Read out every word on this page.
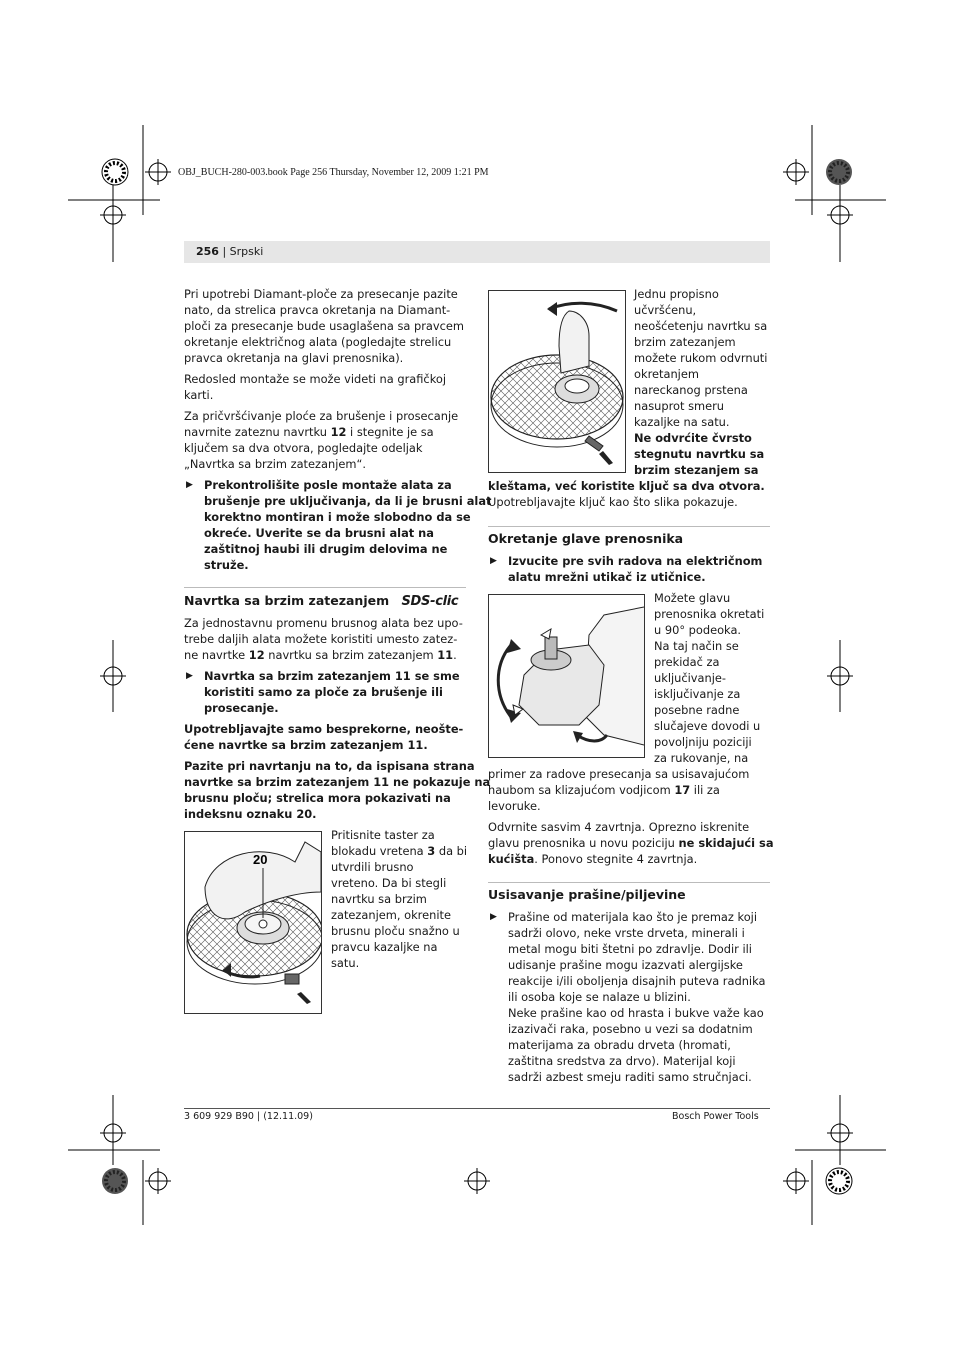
OBJ_BUCH-280-003.book Page 256 Thursday, November 12, 2009 1:21 PM
256 | Srpski
Pri upotrebi Diamant-ploče za presecanje pazite
nato, da strelica pravca okretanja na Diamant-
ploči za presecanje bude usaglašena sa pravcem
okretanje električnog alata (pogledajte strelicu
pravca okretanja na glavi prenosnika).
Redosled montaže se može videti na grafičkoj
karti.
Za pričvršćivanje ploće za brušenje i prosecanje
navrnite zateznu navrtku 12 i stegnite je sa
ključem sa dva otvora, pogledajte odeljak
„Navrtka sa brzim zatezanjem“.
▶ Prekontrolišite posle montaže alata za
brušenje pre uključivanja, da li je brusni alat
korektno montiran i može slobodno da se
okreće. Uverite se da brusni alat na
zaštitnoj haubi ili drugim delovima ne
struže.
Navrtka sa brzim zatezanjem SDS-clic
Za jednostavnu promenu brusnog alata bez upo-
trebe daljih alata možete koristiti umesto zatez-
ne navrtke 12 navrtku sa brzim zatezanjem 11.
▶ Navrtka sa brzim zatezanjem 11 se sme
koristiti samo za ploče za brušenje ili
prosecanje.
Upotrebljavajte samo besprekorne, neošte-
ćene navrtke sa brzim zatezanjem 11.
Pazite pri navrtanju na to, da ispisana strana
navrtke sa brzim zatezanjem 11 ne pokazuje na
brusnu ploču; strelica mora pokazivati na
indeksnu oznaku 20.
20
Pritisnite taster za
blokadu vretena 3 da bi
utvrdili brusno
vreteno. Da bi stegli
navrtku sa brzim
zatezanjem, okrenite
brusnu ploču snažno u
pravcu kazaljke na
satu.
Jednu propisno
učvršćenu,
neošćetenju navrtku sa
brzim zatezanjem
možete rukom odvrnuti
okretanjem
nareckanog prstena
nasuprot smeru
kazaljke na satu.
Ne odvrćite čvrsto
stegnutu navrtku sa
brzim stezanjem sa
kleštama, već koristite ključ sa dva otvora.
Upotrebljavajte ključ kao što slika pokazuje.
Okretanje glave prenosnika
▶ Izvucite pre svih radova na električnom
alatu mrežni utikač iz utičnice.
Možete glavu
prenosnika okretati
u 90° podeoka.
Na taj način se
prekidač za
uključivanje-
isključivanje za
posebne radne
slučajeve dovodi u
povoljniju poziciji
za rukovanje, na
primer za radove presecanja sa usisavajućom
haubom sa klizajućom vodjicom 17 ili za
levoruke.
Odvrnite sasvim 4 zavrtnja. Oprezno iskrenite
glavu prenosnika u novu poziciju ne skidajući sa
kućišta. Ponovo stegnite 4 zavrtnja.
Usisavanje prašine/piljevine
▶ Prašine od materijala kao što je premaz koji
sadrži olovo, neke vrste drveta, minerali i
metal mogu biti štetni po zdravlje. Dodir ili
udisanje prašine mogu izazvati alergijske
reakcije i/ili oboljenja disajnih puteva radnika
ili osoba koje se nalaze u blizini.
Neke prašine kao od hrasta i bukve važe kao
izazivači raka, posebno u vezi sa dodatnim
materijama za obradu drveta (hromati,
zaštitna sredstva za drvo). Materijal koji
sadrži azbest smeju raditi samo stručnjaci.
3 609 929 B90 | (12.11.09)	Bosch Power Tools
